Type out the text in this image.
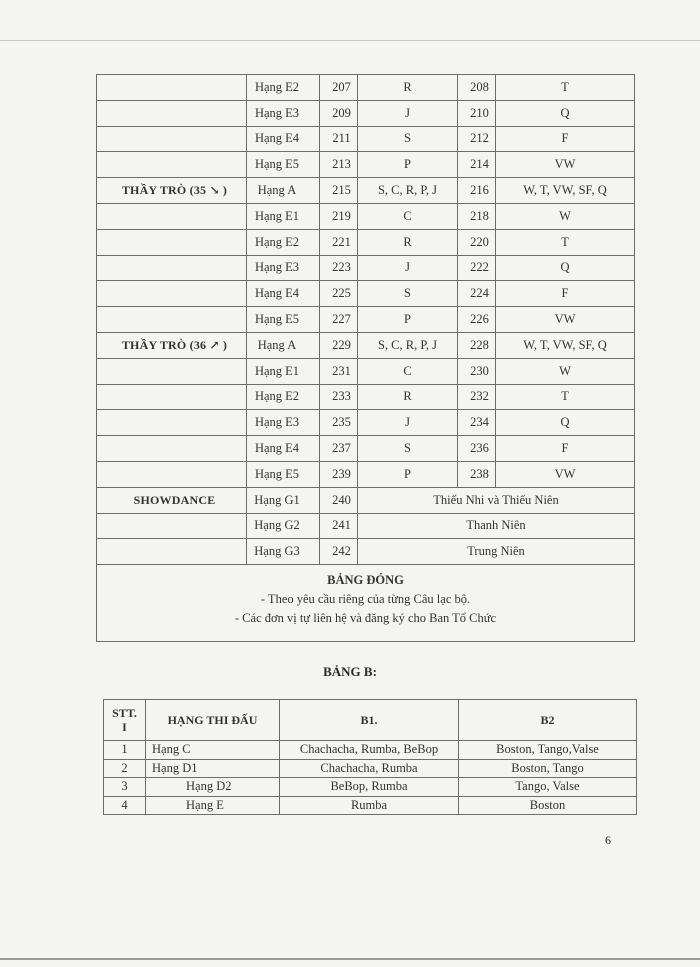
	Hạng E2	207	R	208	T
	Hạng E3	209	J	210	Q
	Hạng E4	211	S	212	F
	Hạng E5	213	P	214	VW
THẦY TRÒ (35 ↘ )	Hạng A	215	S, C, R, P, J	216	W, T, VW, SF, Q
	Hạng E1	219	C	218	W
	Hạng E2	221	R	220	T
	Hạng E3	223	J	222	Q
	Hạng E4	225	S	224	F
	Hạng E5	227	P	226	VW
THẦY TRÒ (36 ↗ )	Hạng A	229	S, C, R, P, J	228	W, T, VW, SF, Q
	Hạng E1	231	C	230	W
	Hạng E2	233	R	232	T
	Hạng E3	235	J	234	Q
	Hạng E4	237	S	236	F
	Hạng E5	239	P	238	VW
SHOWDANCE	Hạng G1	240	Thiếu Nhi và Thiếu Niên		
	Hạng G2	241	Thanh Niên		
	Hạng G3	242	Trung Niên		

BẢNG ĐÓNG
- Theo yêu cầu riêng của từng Câu lạc bộ.
- Các đơn vị tự liên hệ và đăng ký cho Ban Tổ Chức					
BẢNG B:
STT.
I	HẠNG THI ĐẤU	B1.	B2
1	Hạng C	Chachacha, Rumba, BeBop	Boston, Tango,Valse
2	Hạng D1	Chachacha, Rumba	Boston, Tango
3	Hạng D2	BeBop, Rumba	Tango, Valse
4	Hạng E	Rumba	Boston
6
